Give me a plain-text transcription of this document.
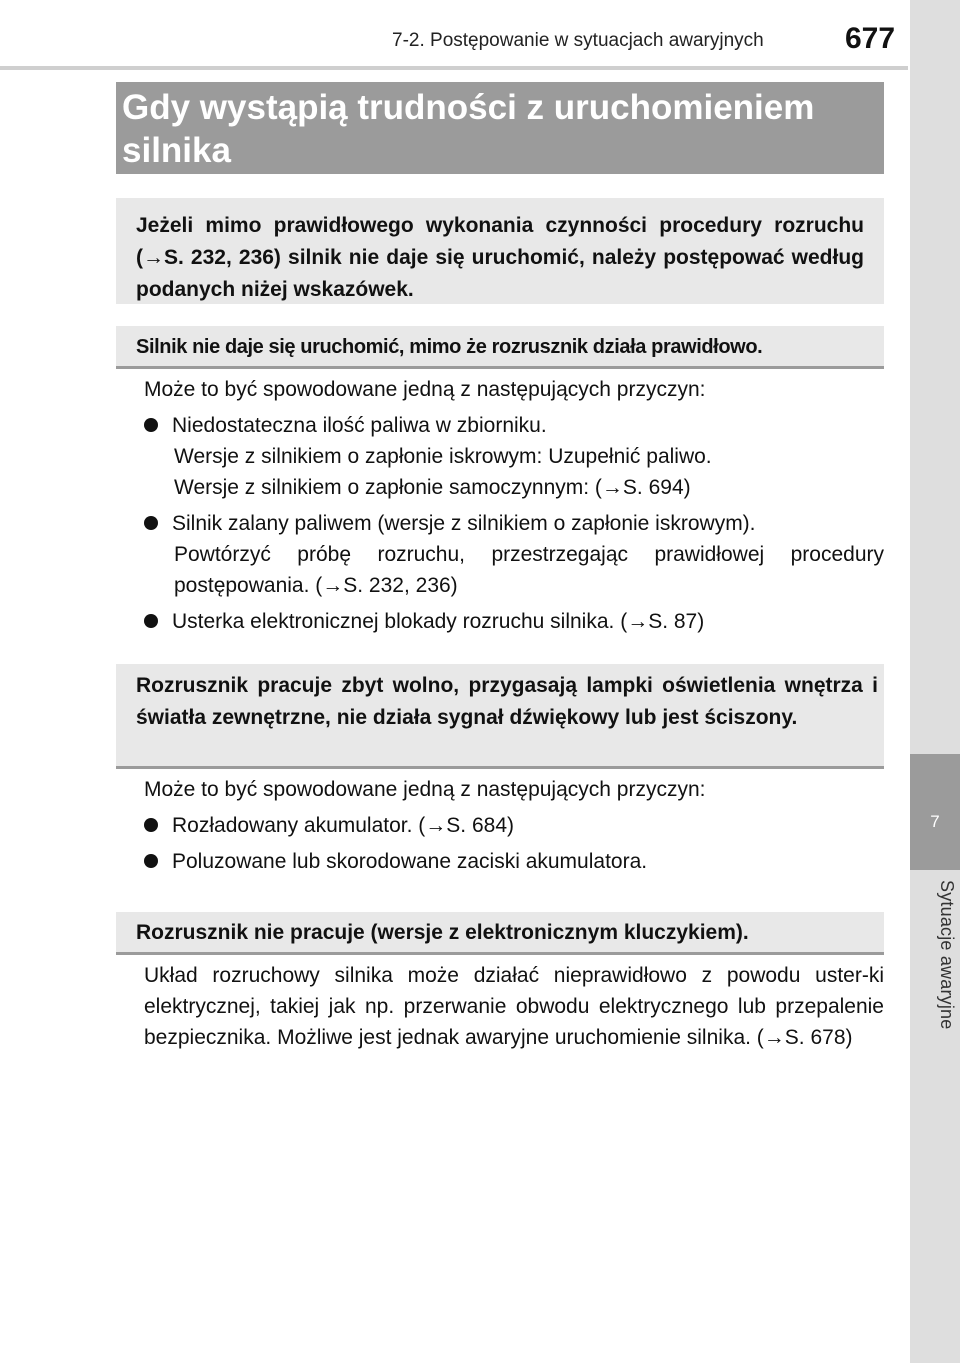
7-2. Postępowanie w sytuacjach awaryjnych	677
7
Sytuacje awaryjne
Gdy wystąpią trudności z uruchomieniem silnika
Jeżeli mimo prawidłowego wykonania czynności procedury rozruchu (→S. 232, 236) silnik nie daje się uruchomić, należy postępować według podanych niżej wskazówek.
Silnik nie daje się uruchomić, mimo że rozrusznik działa prawidłowo.
Może to być spowodowane jedną z następujących przyczyn:
Niedostateczna ilość paliwa w zbiorniku.
Wersje z silnikiem o zapłonie iskrowym: Uzupełnić paliwo.
Wersje z silnikiem o zapłonie samoczynnym: (→S. 694)
Silnik zalany paliwem (wersje z silnikiem o zapłonie iskrowym).
Powtórzyć próbę rozruchu, przestrzegając prawidłowej procedury postępowania. (→S. 232, 236)
Usterka elektronicznej blokady rozruchu silnika. (→S. 87)
Rozrusznik pracuje zbyt wolno, przygasają lampki oświetlenia wnętrza i światła zewnętrzne, nie działa sygnał dźwiękowy lub jest ściszony.
Może to być spowodowane jedną z następujących przyczyn:
Rozładowany akumulator. (→S. 684)
Poluzowane lub skorodowane zaciski akumulatora.
Rozrusznik nie pracuje (wersje z elektronicznym kluczykiem).
Układ rozruchowy silnika może działać nieprawidłowo z powodu uster-ki elektrycznej, takiej jak np. przerwanie obwodu elektrycznego lub przepalenie bezpiecznika. Możliwe jest jednak awaryjne uruchomienie silnika. (→S. 678)
